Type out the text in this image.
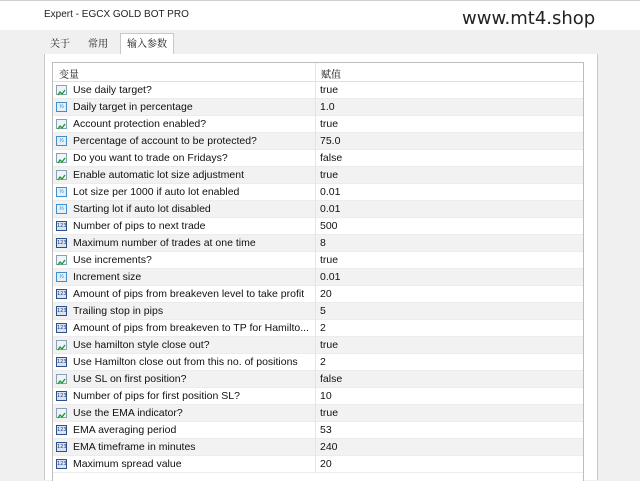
Expert - EGCX GOLD BOT PRO	www.mt4.shop
关于	常用	输入参数
变量	赋值
Use daily target?	true
½ Daily target in percentage	1.0
Account protection enabled?	true
½ Percentage of account to be protected?	75.0
Do you want to trade on Fridays?	false
Enable automatic lot size adjustment	true
½ Lot size per 1000 if auto lot enabled	0.01
½ Starting lot if auto lot disabled	0.01
123 Number of pips to next trade	500
123 Maximum number of trades at one time	8
Use increments?	true
½ Increment size	0.01
123 Amount of pips from breakeven level to take profit	20
123 Trailing stop in pips	5
123 Amount of pips from breakeven to TP for Hamilto...	2
Use hamilton style close out?	true
123 Use Hamilton close out from this no. of positions	2
Use SL on first position?	false
123 Number of pips for first position SL?	10
Use the EMA indicator?	true
123 EMA averaging period	53
123 EMA timeframe in minutes	240
123 Maximum spread value	20
